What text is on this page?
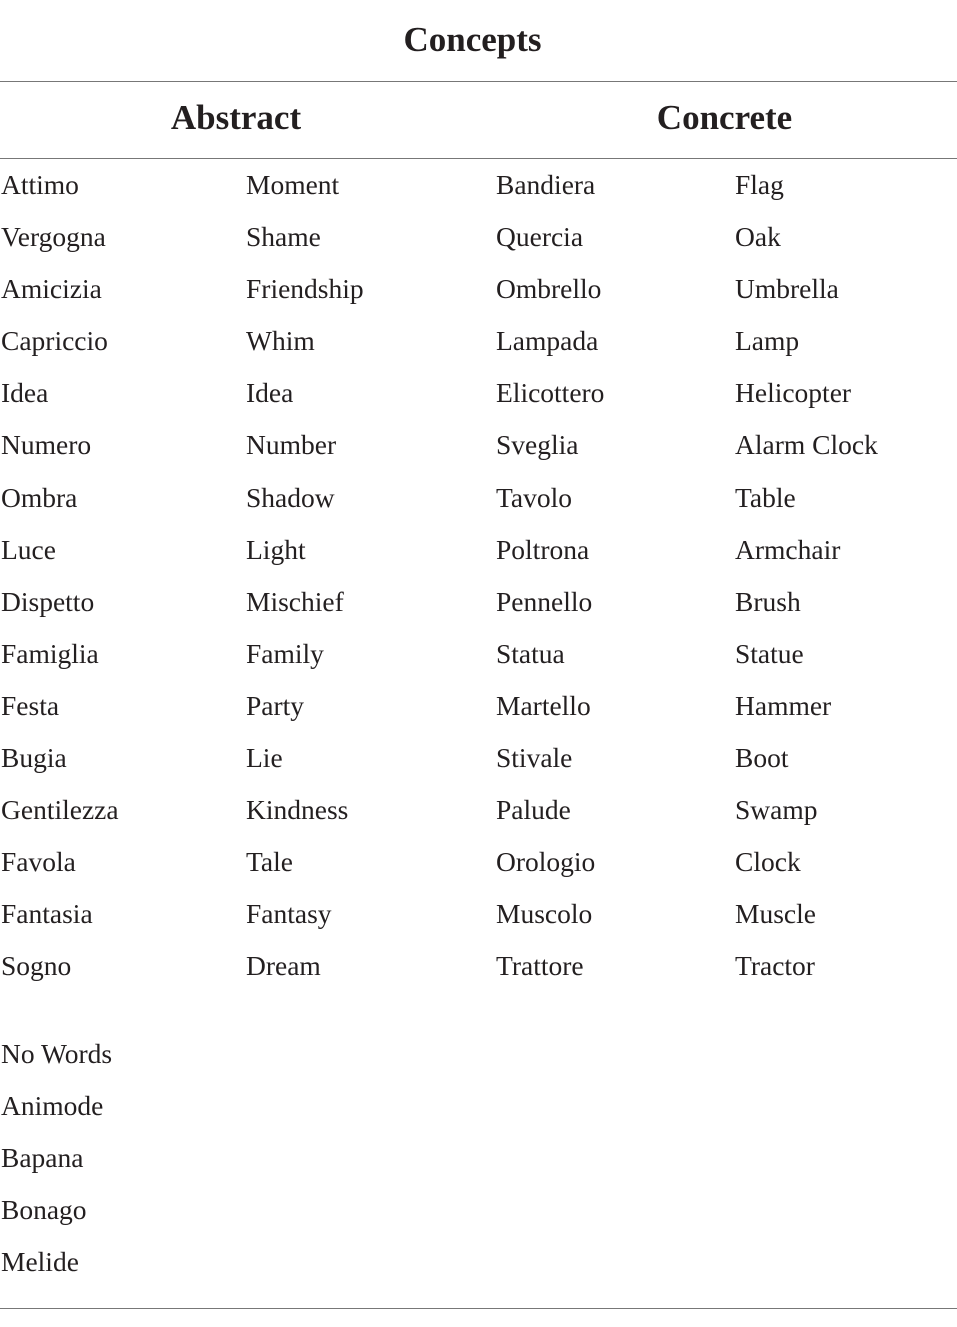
Concepts
Abstract	Concrete
Attimo	Moment	Bandiera	Flag
Vergogna	Shame	Quercia	Oak
Amicizia	Friendship	Ombrello	Umbrella
Capriccio	Whim	Lampada	Lamp
Idea	Idea	Elicottero	Helicopter
Numero	Number	Sveglia	Alarm Clock
Ombra	Shadow	Tavolo	Table
Luce	Light	Poltrona	Armchair
Dispetto	Mischief	Pennello	Brush
Famiglia	Family	Statua	Statue
Festa	Party	Martello	Hammer
Bugia	Lie	Stivale	Boot
Gentilezza	Kindness	Palude	Swamp
Favola	Tale	Orologio	Clock
Fantasia	Fantasy	Muscolo	Muscle
Sogno	Dream	Trattore	Tractor
No Words
Animode
Bapana
Bonago
Melide
